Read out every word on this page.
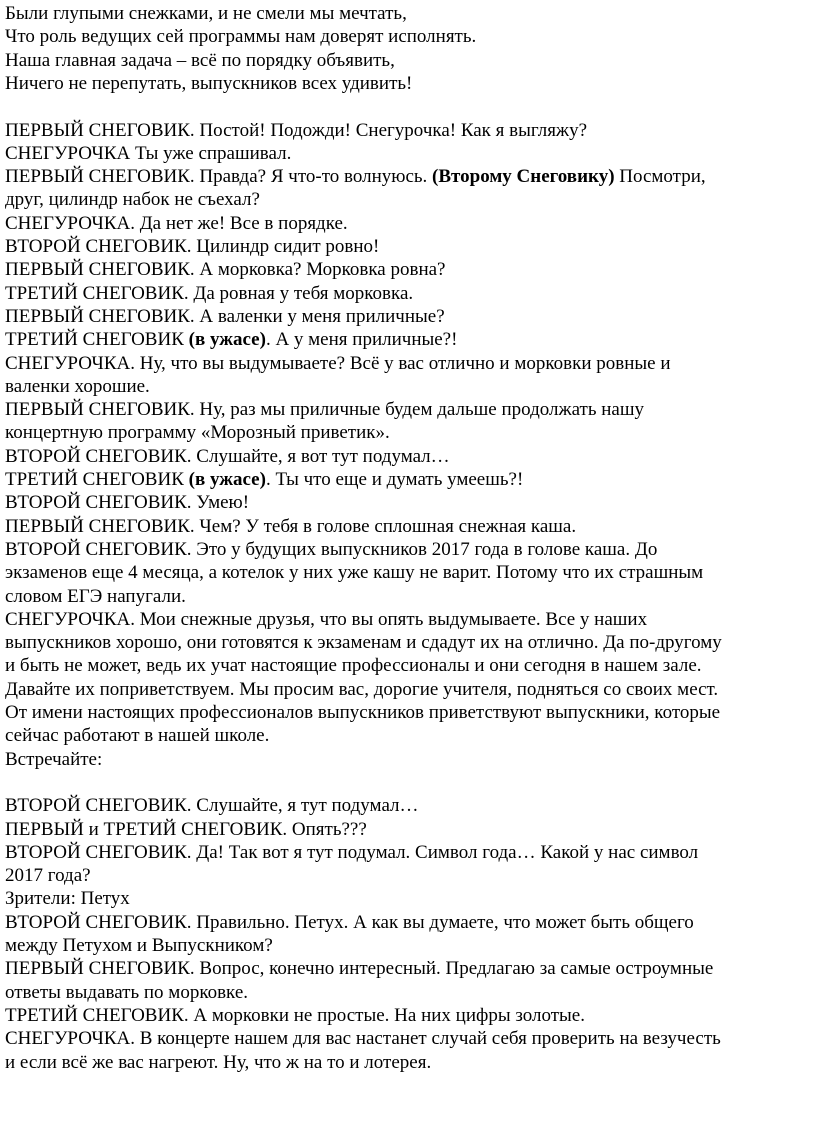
Были глупыми снежками, и не смели мы мечтать,
Что роль ведущих сей программы нам доверят исполнять.
Наша главная задача – всё по порядку объявить,
Ничего не перепутать, выпускников всех удивить!
ПЕРВЫЙ СНЕГОВИК. Постой! Подожди! Снегурочка! Как я выгляжу?
СНЕГУРОЧКА Ты уже спрашивал.
ПЕРВЫЙ СНЕГОВИК. Правда? Я что-то волнуюсь. (Второму Снеговику) Посмотри,
друг, цилиндр набок не съехал?
СНЕГУРОЧКА. Да нет же! Все в порядке.
ВТОРОЙ СНЕГОВИК. Цилиндр сидит ровно!
ПЕРВЫЙ СНЕГОВИК. А морковка? Морковка ровна?
ТРЕТИЙ СНЕГОВИК. Да ровная у тебя морковка.
ПЕРВЫЙ СНЕГОВИК. А валенки у меня приличные?
ТРЕТИЙ СНЕГОВИК (в ужасе). А у меня приличные?!
СНЕГУРОЧКА. Ну, что вы выдумываете? Всё у вас отлично и морковки ровные и
валенки хорошие.
ПЕРВЫЙ СНЕГОВИК. Ну, раз мы приличные будем дальше продолжать нашу
концертную программу «Морозный приветик».
ВТОРОЙ СНЕГОВИК. Слушайте, я вот тут подумал…
ТРЕТИЙ СНЕГОВИК (в ужасе). Ты что еще и думать умеешь?!
ВТОРОЙ СНЕГОВИК. Умею!
ПЕРВЫЙ СНЕГОВИК. Чем? У тебя в голове сплошная снежная каша.
ВТОРОЙ СНЕГОВИК. Это у будущих выпускников 2017 года в голове каша. До
экзаменов еще 4 месяца, а котелок у них уже кашу не варит. Потому что их страшным
словом ЕГЭ напугали.
СНЕГУРОЧКА. Мои снежные друзья, что вы опять выдумываете. Все у наших
выпускников хорошо, они готовятся к экзаменам и сдадут их на отлично. Да по-другому
и быть не может, ведь их учат настоящие профессионалы и они сегодня в нашем зале.
Давайте их поприветствуем. Мы просим вас, дорогие учителя, подняться со своих мест.
От имени настоящих профессионалов выпускников приветствуют выпускники, которые
сейчас работают в нашей школе.
Встречайте:
ВТОРОЙ СНЕГОВИК. Слушайте, я тут подумал…
ПЕРВЫЙ и ТРЕТИЙ СНЕГОВИК. Опять???
ВТОРОЙ СНЕГОВИК. Да! Так вот я тут подумал. Символ года… Какой у нас символ
2017 года?
Зрители: Петух
ВТОРОЙ СНЕГОВИК. Правильно. Петух. А как вы думаете, что может быть общего
между Петухом и Выпускником?
ПЕРВЫЙ СНЕГОВИК. Вопрос, конечно интересный. Предлагаю за самые остроумные
ответы выдавать по морковке.
ТРЕТИЙ СНЕГОВИК. А морковки не простые. На них цифры золотые.
СНЕГУРОЧКА. В концерте нашем для вас настанет случай себя проверить на везучесть
и если всё же вас нагреют. Ну, что ж на то и лотерея.
